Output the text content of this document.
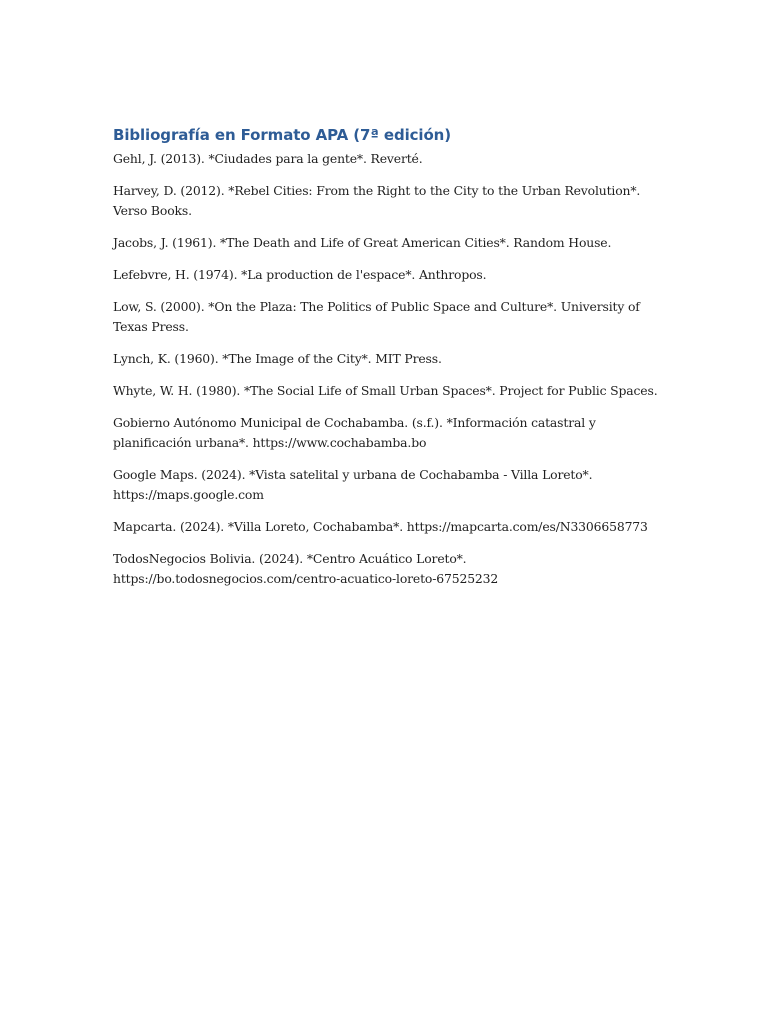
Bibliografía en Formato APA (7ª edición)

Gehl, J. (2013). *Ciudades para la gente*. Reverté.

Harvey, D. (2012). *Rebel Cities: From the Right to the City to the Urban Revolution*. Verso Books.

Jacobs, J. (1961). *The Death and Life of Great American Cities*. Random House.

Lefebvre, H. (1974). *La production de l'espace*. Anthropos.

Low, S. (2000). *On the Plaza: The Politics of Public Space and Culture*. University of Texas Press.

Lynch, K. (1960). *The Image of the City*. MIT Press.

Whyte, W. H. (1980). *The Social Life of Small Urban Spaces*. Project for Public Spaces.

Gobierno Autónomo Municipal de Cochabamba. (s.f.). *Información catastral y planificación urbana*. https://www.cochabamba.bo

Google Maps. (2024). *Vista satelital y urbana de Cochabamba - Villa Loreto*. https://maps.google.com

Mapcarta. (2024). *Villa Loreto, Cochabamba*. https://mapcarta.com/es/N3306658773

TodosNegocios Bolivia. (2024). *Centro Acuático Loreto*. https://bo.todosnegocios.com/centro-acuatico-loreto-67525232
